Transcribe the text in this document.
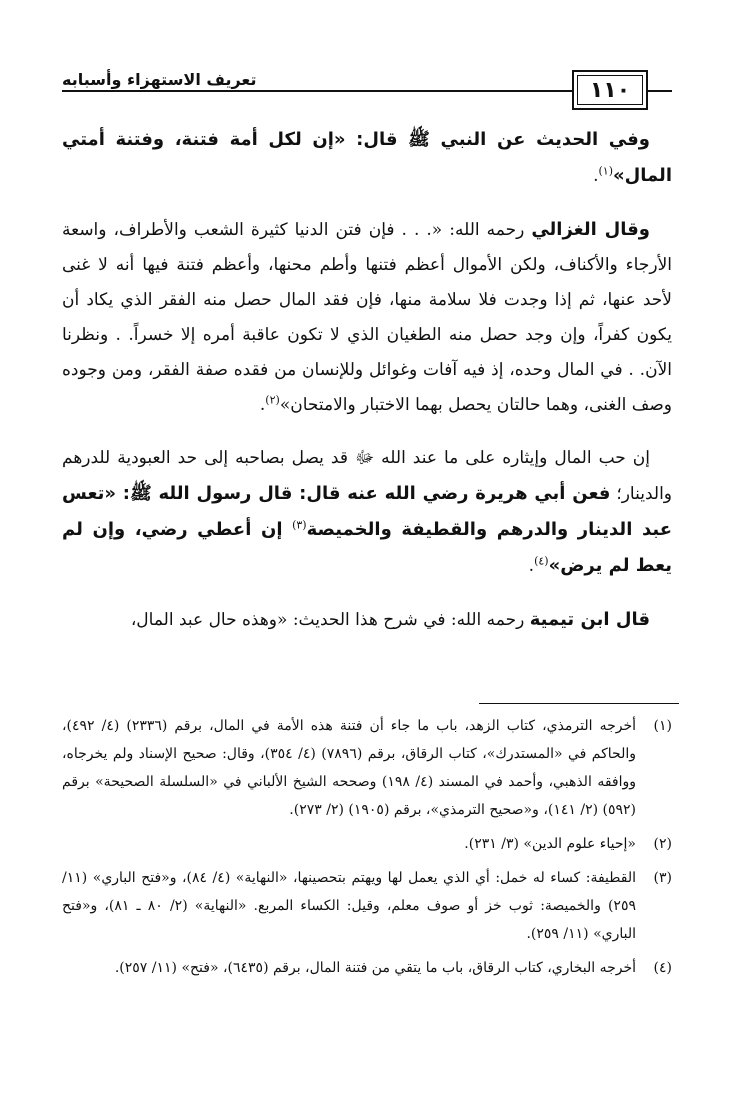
تعريف الاستهزاء وأسبابه	١١٠

وفي الحديث عن النبي ﷺ قال: «إن لكل أمة فتنة، وفتنة أمتي المال»$^{(١)}$.

وقال الغزالي رحمه الله: «. . . فإن فتن الدنيا كثيرة الشعب والأطراف، واسعة الأرجاء والأكناف، ولكن الأموال أعظم فتنها وأطم محنها، وأعظم فتنة فيها أنه لا غنى لأحد عنها، ثم إذا وجدت فلا سلامة منها، فإن فقد المال حصل منه الفقر الذي يكاد أن يكون كفراً، وإن وجد حصل منه الطغيان الذي لا تكون عاقبة أمره إلا خسراً. . ونظرنا الآن. . في المال وحده، إذ فيه آفات وغوائل وللإنسان من فقده صفة الفقر، ومن وجوده وصف الغنى، وهما حالتان يحصل بهما الاختبار والامتحان»$^{(٢)}$.

إن حب المال وإيثاره على ما عند الله ﷻ قد يصل بصاحبه إلى حد العبودية للدرهم والدينار؛ فعن أبي هريرة رضي الله عنه قال: قال رسول الله ﷺ: «تعس عبد الدينار والدرهم والقطيفة والخميصة$^{(٣)}$ إن أعطي رضي، وإن لم يعط لم يرض»$^{(٤)}$.

قال ابن تيمية رحمه الله: في شرح هذا الحديث: «وهذه حال عبد المال،

(١)
أخرجه الترمذي، كتاب الزهد، باب ما جاء أن فتنة هذه الأمة في المال، برقم (٢٣٣٦) (٤/ ٤٩٢)، والحاكم في «المستدرك»، كتاب الرقاق، برقم (٧٨٩٦) (٤/ ٣٥٤)، وقال: صحيح الإسناد ولم يخرجاه، ووافقه الذهبي، وأحمد في المسند (٤/ ١٩٨) وصححه الشيخ الألباني في «السلسلة الصحيحة» برقم (٥٩٢) (٢/ ١٤١)، و«صحيح الترمذي»، برقم (١٩٠٥) (٢/ ٢٧٣).
(٢)
«إحياء علوم الدين» (٣/ ٢٣١).
(٣)
القطيفة: كساء له خمل: أي الذي يعمل لها ويهتم بتحصينها، «النهاية» (٤/ ٨٤)، و«فتح الباري» (١١/ ٢٥٩) والخميصة: ثوب خز أو صوف معلم، وقيل: الكساء المربع. «النهاية» (٢/ ٨٠ ـ ٨١)، و«فتح الباري» (١١/ ٢٥٩).
(٤)
أخرجه البخاري، كتاب الرقاق، باب ما يتقي من فتنة المال، برقم (٦٤٣٥)، «فتح» (١١/ ٢٥٧).
